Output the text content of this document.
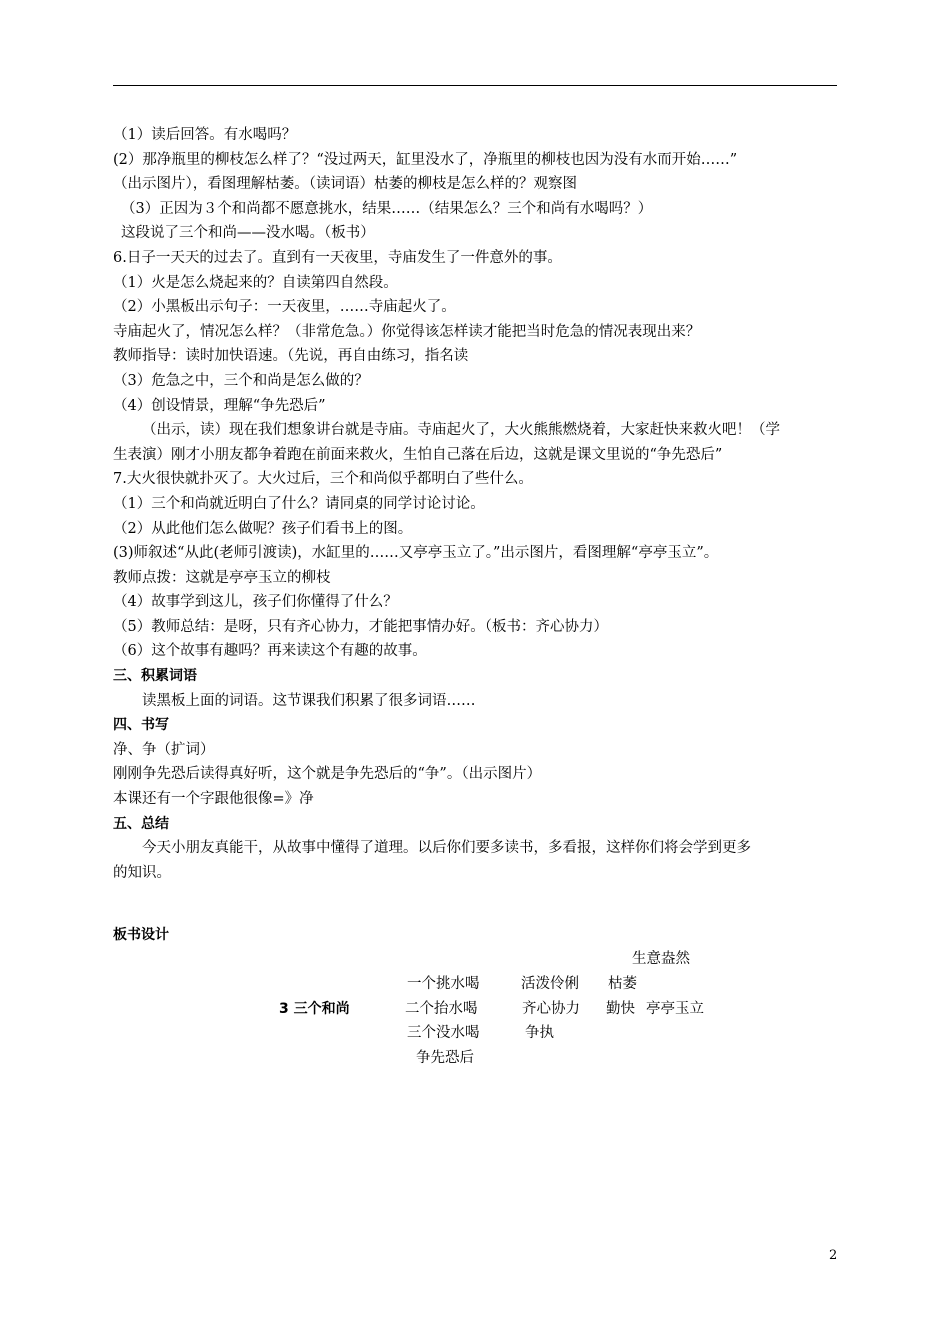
（1）读后回答。有水喝吗？
(2）那净瓶里的柳枝怎么样了？“没过两天，缸里没水了，净瓶里的柳枝也因为没有水而开始……”
（出示图片），看图理解枯萎。（读词语）枯萎的柳枝是怎么样的？观察图
（3）正因为３个和尚都不愿意挑水，结果……（结果怎么？三个和尚有水喝吗？）
这段说了三个和尚——没水喝。（板书）
6.日子一天天的过去了。直到有一天夜里，寺庙发生了一件意外的事。
（1）火是怎么烧起来的？自读第四自然段。
（2）小黑板出示句子：一天夜里，……寺庙起火了。
寺庙起火了，情况怎么样？（非常危急。）你觉得该怎样读才能把当时危急的情况表现出来？
教师指导：读时加快语速。（先说，再自由练习，指名读
（3）危急之中，三个和尚是怎么做的？
（4）创设情景，理解“争先恐后”
（出示，读）现在我们想象讲台就是寺庙。寺庙起火了，大火熊熊燃烧着，大家赶快来救火吧！（学
生表演）刚才小朋友都争着跑在前面来救火，生怕自己落在后边，这就是课文里说的“争先恐后”
7.大火很快就扑灭了。大火过后，三个和尚似乎都明白了些什么。
（1）三个和尚就近明白了什么？请同桌的同学讨论讨论。
（2）从此他们怎么做呢？孩子们看书上的图。
(3)师叙述“从此(老师引渡读)，水缸里的……又亭亭玉立了。”出示图片，看图理解“亭亭玉立”。
教师点拨：这就是亭亭玉立的柳枝
（4）故事学到这儿，孩子们你懂得了什么？
（5）教师总结：是呀，只有齐心协力，才能把事情办好。（板书：齐心协力）
（6）这个故事有趣吗？再来读这个有趣的故事。
三、积累词语
读黑板上面的词语。这节课我们积累了很多词语……
四、书写
净、争（扩词）
刚刚争先恐后读得真好听，这个就是争先恐后的“争”。（出示图片）
本课还有一个字跟他很像=》净
五、总结
今天小朋友真能干，从故事中懂得了道理。以后你们要多读书，多看报，这样你们将会学到更多
的知识。
板书设计
生意盎然
一个挑水喝	活泼伶俐 枯萎
3 三个和尚	二个抬水喝	齐心协力 勤快 亭亭玉立
三个没水喝	争执
争先恐后
2
